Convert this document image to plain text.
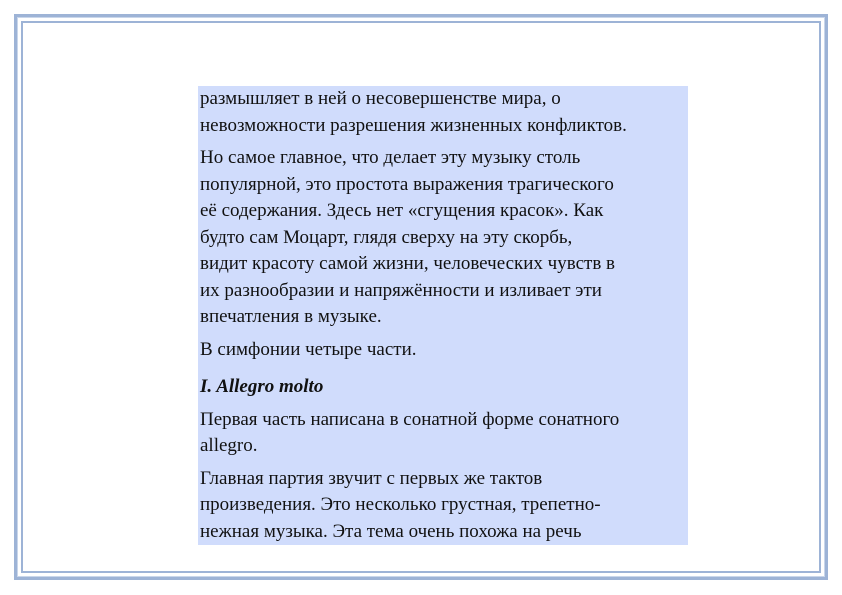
размышляет в ней о несовершенстве мира, о
невозможности разрешения жизненных конфликтов.

Но самое главное, что делает эту музыку столь
популярной, это простота выражения трагического
её содержания. Здесь нет «сгущения красок». Как
будто сам Моцарт, глядя сверху на эту скорбь,
видит красоту самой жизни, человеческих чувств в
их разнообразии и напряжённости и изливает эти
впечатления в музыке.

В симфонии четыре части.

I. Allegro molto

Первая часть написана в сонатной форме сонатного
allegro.

Главная партия звучит с первых же тактов
произведения. Это несколько грустная, трепетно-
нежная музыка. Эта тема очень похожа на речь
